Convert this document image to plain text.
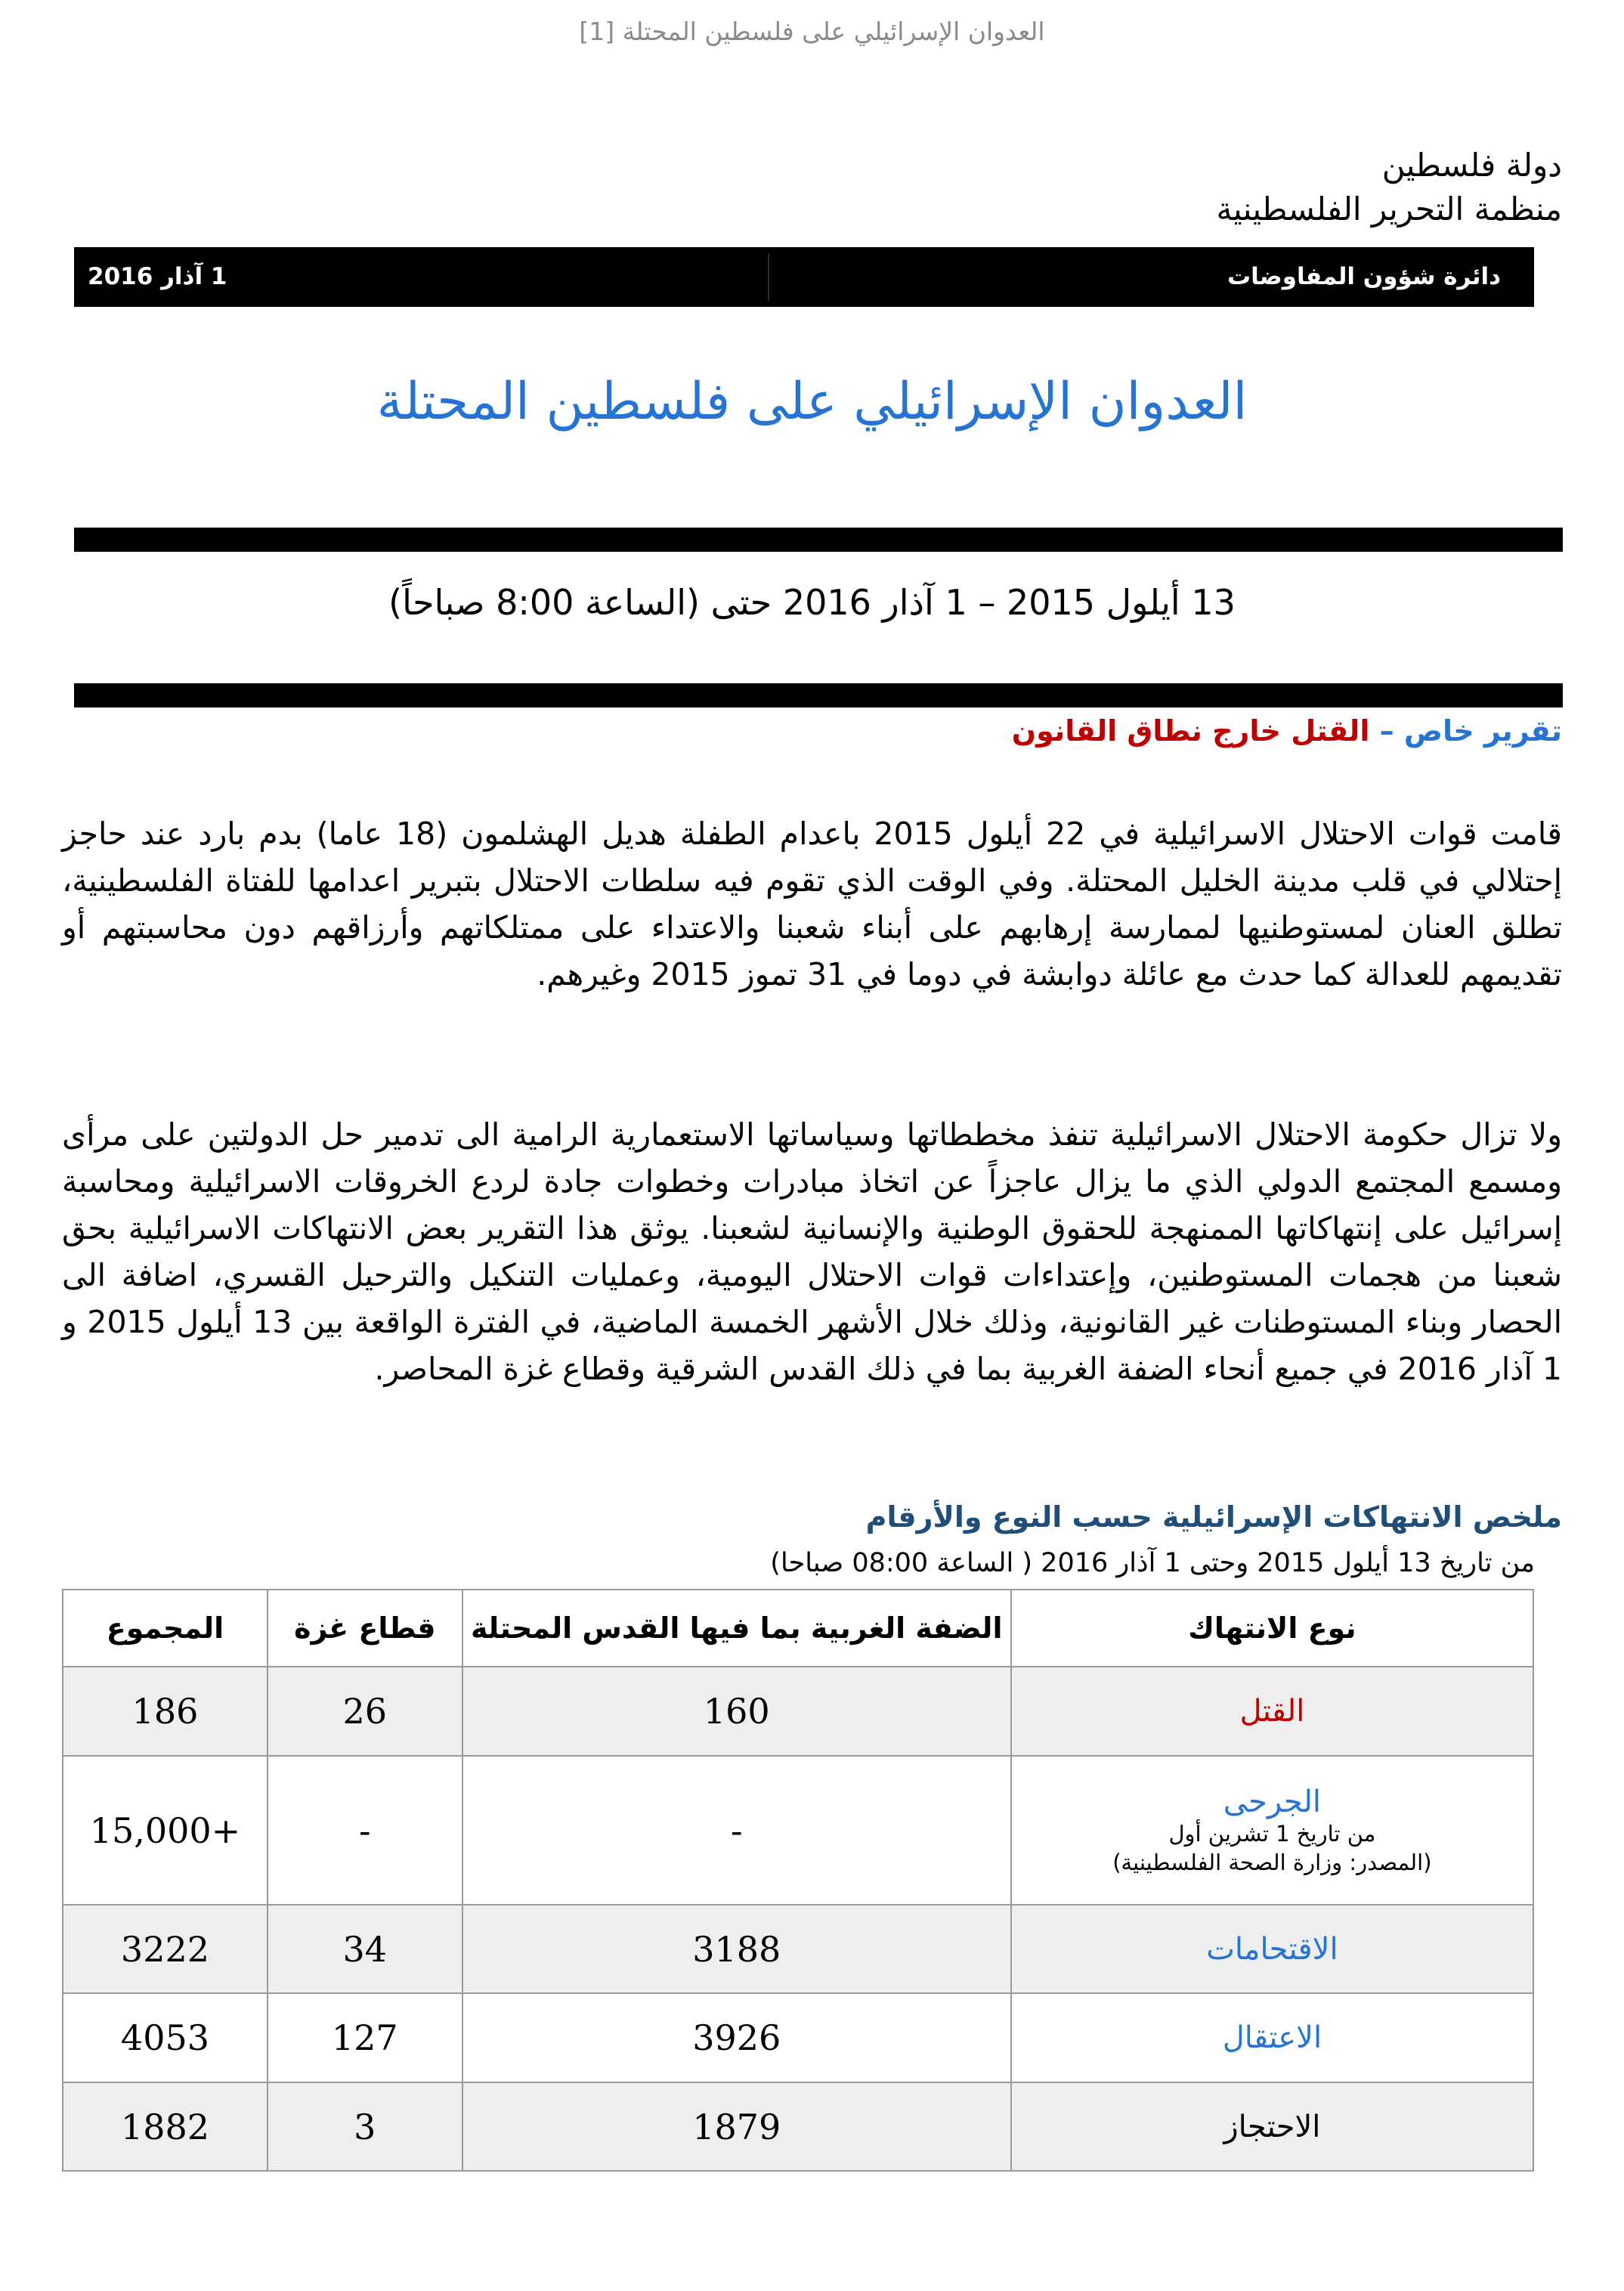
العدوان الإسرائيلي على فلسطين المحتلة [1]
دولة فلسطين
منظمة التحرير الفلسطينية
دائرة شؤون المفاوضات
1 آذار 2016
العدوان الإسرائيلي على فلسطين المحتلة
13 أيلول 2015 – 1 آذار 2016 حتى (الساعة 8:00 صباحاً)
تقرير خاص – القتل خارج نطاق القانون
قامت قوات الاحتلال الاسرائيلية في 22 أيلول 2015 باعدام الطفلة هديل الهشلمون (18 عاما) بدم بارد عند حاجز إحتلالي في قلب مدينة الخليل المحتلة. وفي الوقت الذي تقوم فيه سلطات الاحتلال بتبرير اعدامها للفتاة الفلسطينية، تطلق العنان لمستوطنيها لممارسة إرهابهم على أبناء شعبنا والاعتداء على ممتلكاتهم وأرزاقهم دون محاسبتهم أو تقديمهم للعدالة كما حدث مع عائلة دوابشة في دوما في 31 تموز 2015 وغيرهم.
ولا تزال حكومة الاحتلال الاسرائيلية تنفذ مخططاتها وسياساتها الاستعمارية الرامية الى تدمير حل الدولتين على مرأى ومسمع المجتمع الدولي الذي ما يزال عاجزاً عن اتخاذ مبادرات وخطوات جادة لردع الخروقات الاسرائيلية ومحاسبة إسرائيل على إنتهاكاتها الممنهجة للحقوق الوطنية والإنسانية لشعبنا. يوثق هذا التقرير بعض الانتهاكات الاسرائيلية بحق شعبنا من هجمات المستوطنين، وإعتداءات قوات الاحتلال اليومية، وعمليات التنكيل والترحيل القسري، اضافة الى الحصار وبناء المستوطنات غير القانونية، وذلك خلال الأشهر الخمسة الماضية، في الفترة الواقعة بين 13 أيلول 2015 و 1 آذار 2016 في جميع أنحاء الضفة الغربية بما في ذلك القدس الشرقية وقطاع غزة المحاصر.
ملخص الانتهاكات الإسرائيلية حسب النوع والأرقام
من تاريخ 13 أيلول 2015 وحتى 1 آذار 2016 ( الساعة 08:00 صباحا)
نوع الانتهاك	الضفة الغربية بما فيها القدس المحتلة	قطاع غزة	المجموع
القتل	160	26	186

الجرحى
من تاريخ 1 تشرين أول
(المصدر: وزارة الصحة الفلسطينية)	-	-	+15,000
الاقتحامات	3188	34	3222
الاعتقال	3926	127	4053
الاحتجاز	1879	3	1882
